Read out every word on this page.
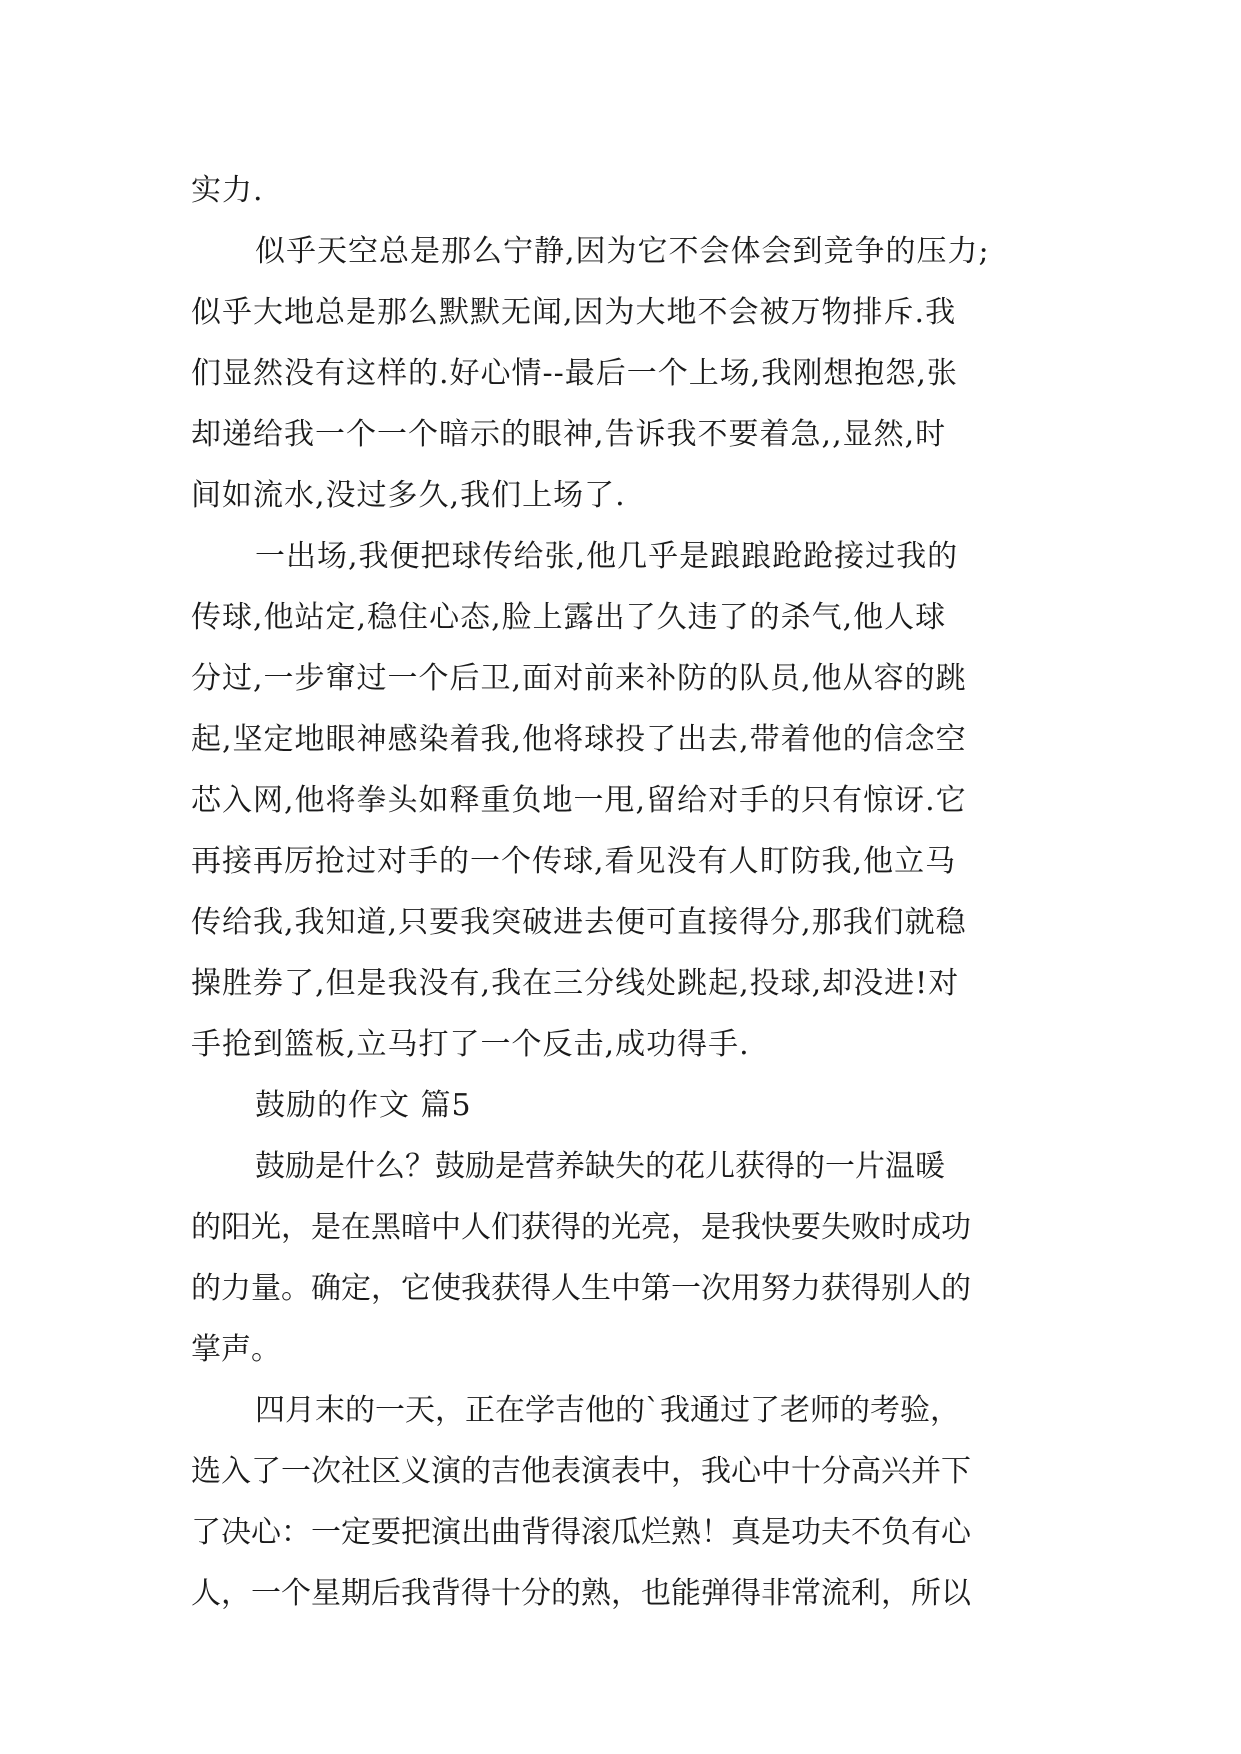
实力.
似乎天空总是那么宁静,因为它不会体会到竞争的压力;
似乎大地总是那么默默无闻,因为大地不会被万物排斥.我
们显然没有这样的.好心情--最后一个上场,我刚想抱怨,张
却递给我一个一个暗示的眼神,告诉我不要着急,,显然,时
间如流水,没过多久,我们上场了.
一出场,我便把球传给张,他几乎是踉踉跄跄接过我的
传球,他站定,稳住心态,脸上露出了久违了的杀气,他人球
分过,一步窜过一个后卫,面对前来补防的队员,他从容的跳
起,坚定地眼神感染着我,他将球投了出去,带着他的信念空
芯入网,他将拳头如释重负地一甩,留给对手的只有惊讶.它
再接再厉抢过对手的一个传球,看见没有人盯防我,他立马
传给我,我知道,只要我突破进去便可直接得分,那我们就稳
操胜券了,但是我没有,我在三分线处跳起,投球,却没进!对
手抢到篮板,立马打了一个反击,成功得手.
鼓励的作文 篇5
鼓励是什么？鼓励是营养缺失的花儿获得的一片温暖
的阳光，是在黑暗中人们获得的光亮，是我快要失败时成功
的力量。确定，它使我获得人生中第一次用努力获得别人的
掌声。
四月末的一天，正在学吉他的`我通过了老师的考验，
选入了一次社区义演的吉他表演表中，我心中十分高兴并下
了决心：一定要把演出曲背得滚瓜烂熟！真是功夫不负有心
人，一个星期后我背得十分的熟，也能弹得非常流利，所以
